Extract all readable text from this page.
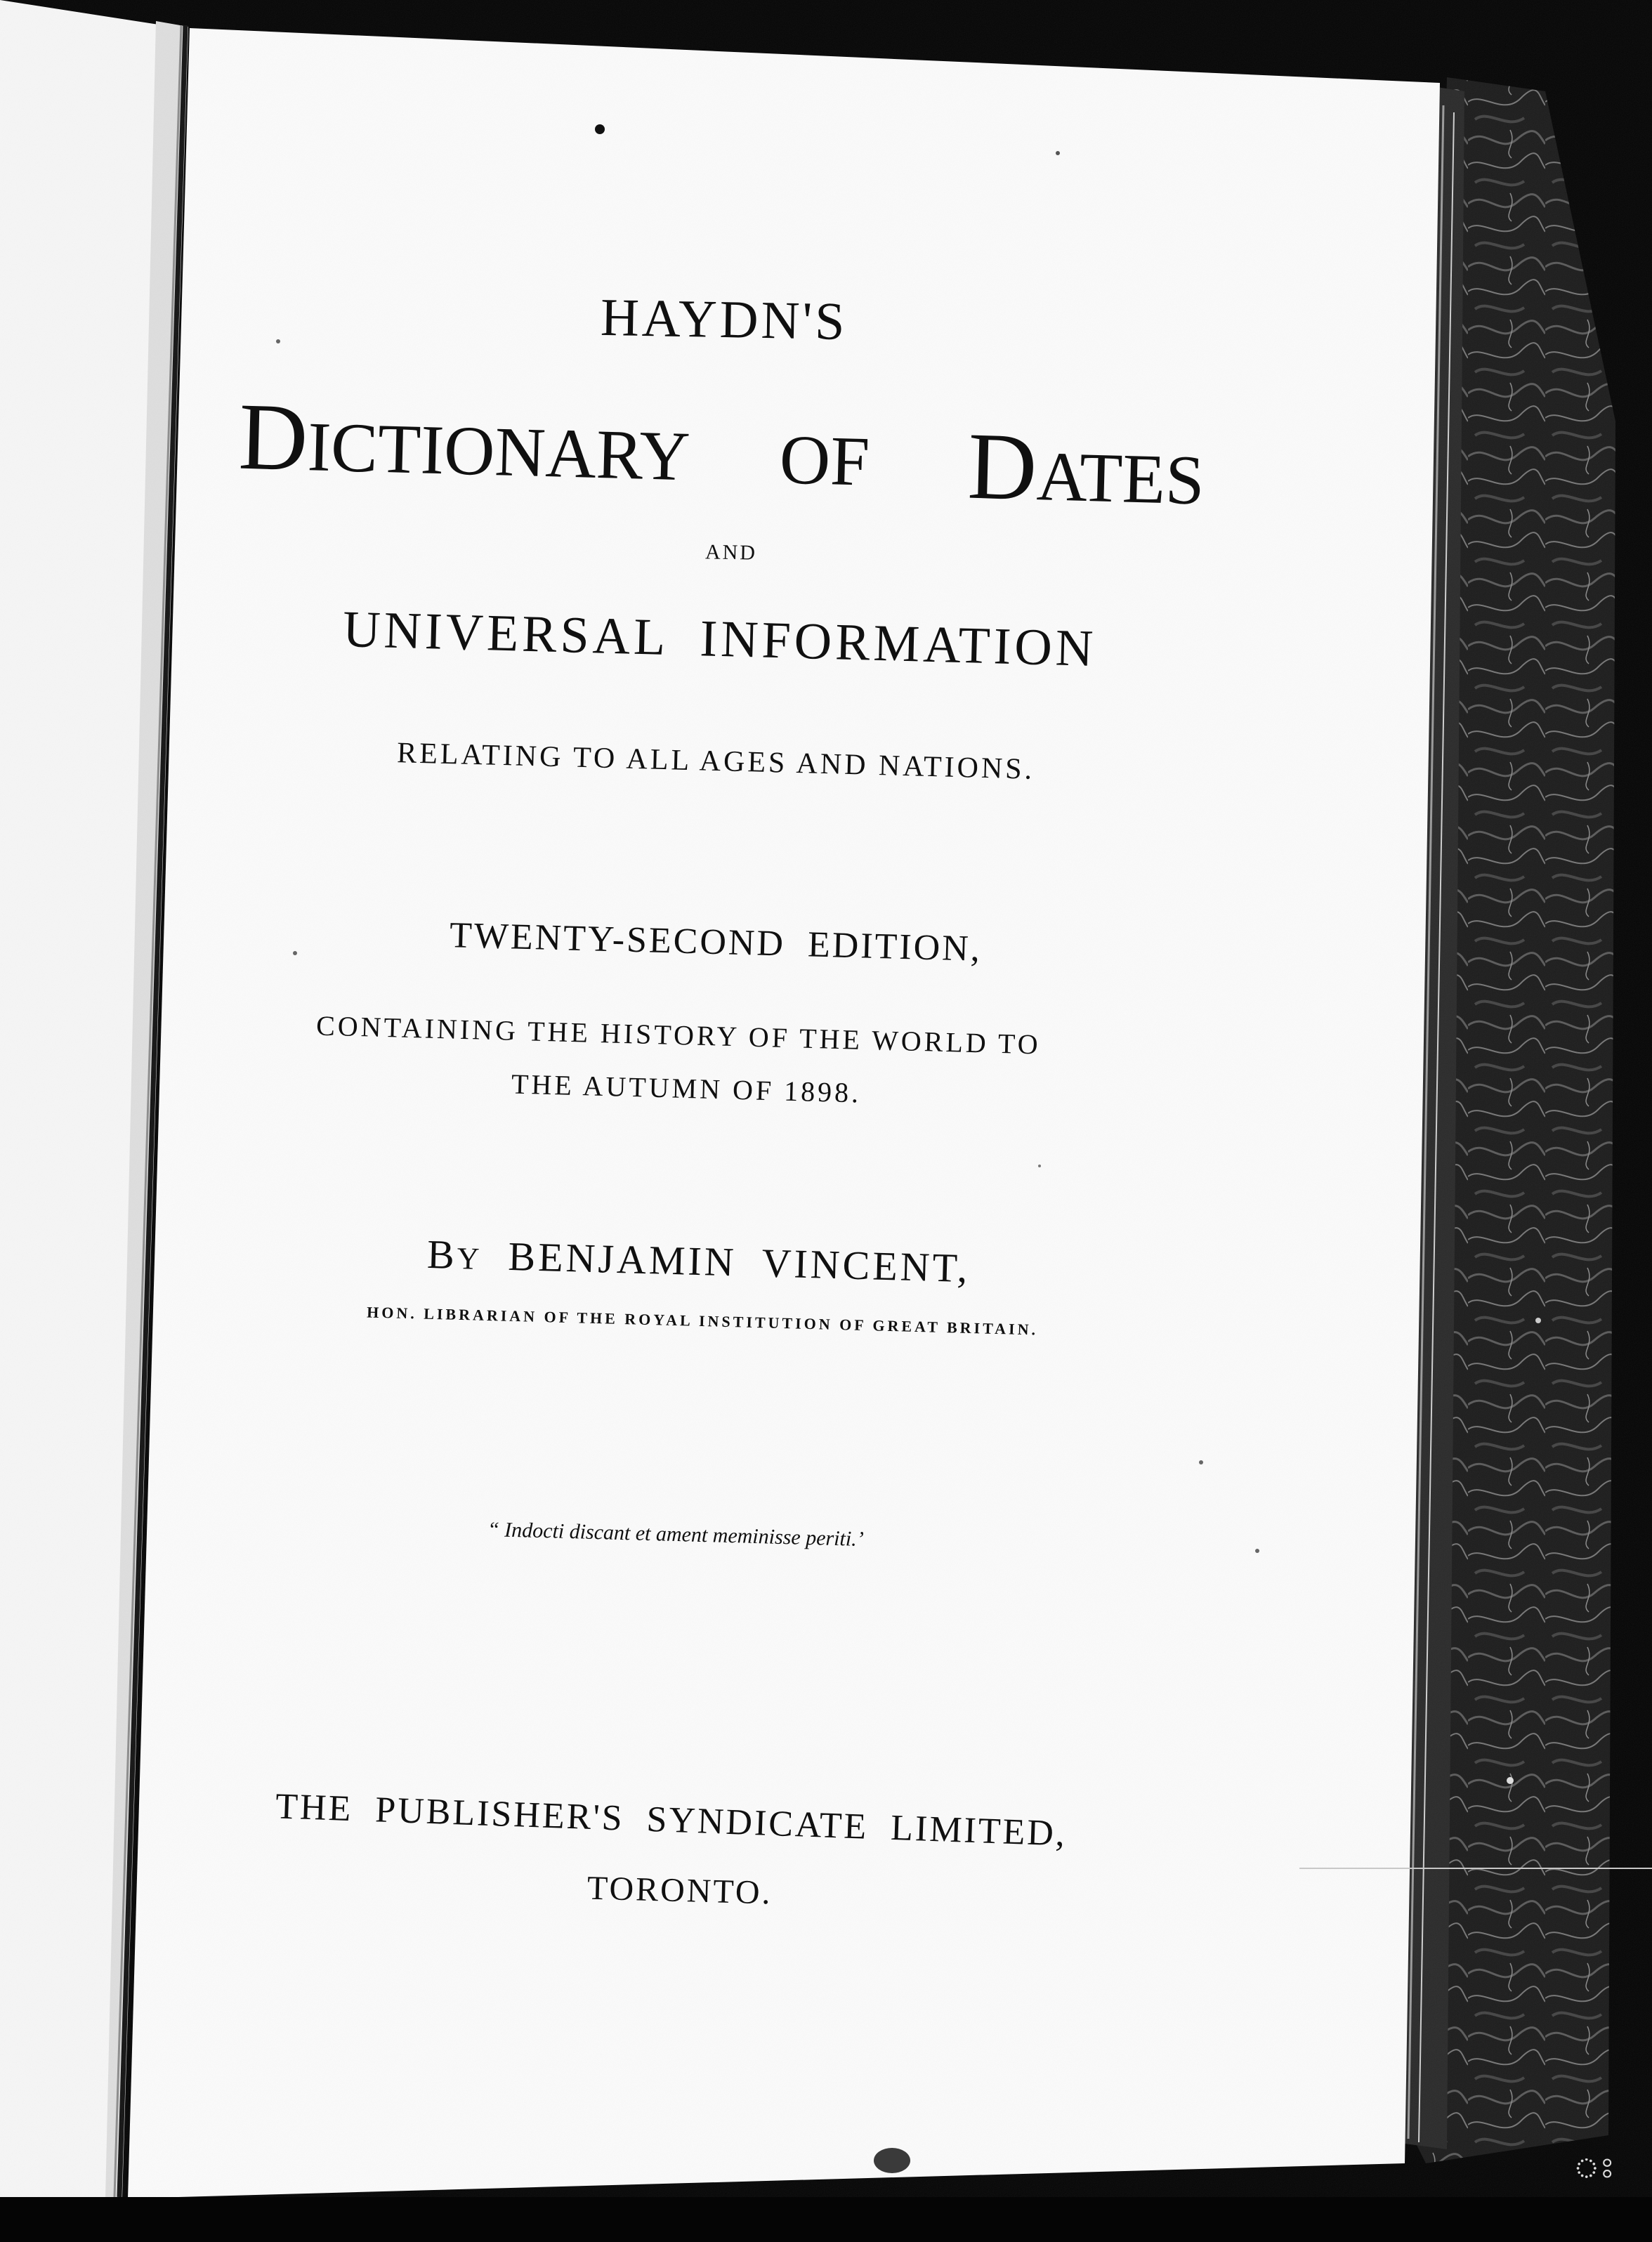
ঃ
HAYDN'S
DICTIONARY OF DATES
AND
UNIVERSAL  INFORMATION
RELATING TO ALL AGES AND NATIONS.
TWENTY-SECOND  EDITION,
CONTAINING THE HISTORY OF THE WORLD TO
THE AUTUMN OF 1898.
BY BENJAMIN  VINCENT,
HON. LIBRARIAN OF THE ROYAL INSTITUTION OF GREAT BRITAIN.
“ Indocti discant et ament meminisse periti.’
THE  PUBLISHER'S  SYNDICATE  LIMITED,
TORONTO.
